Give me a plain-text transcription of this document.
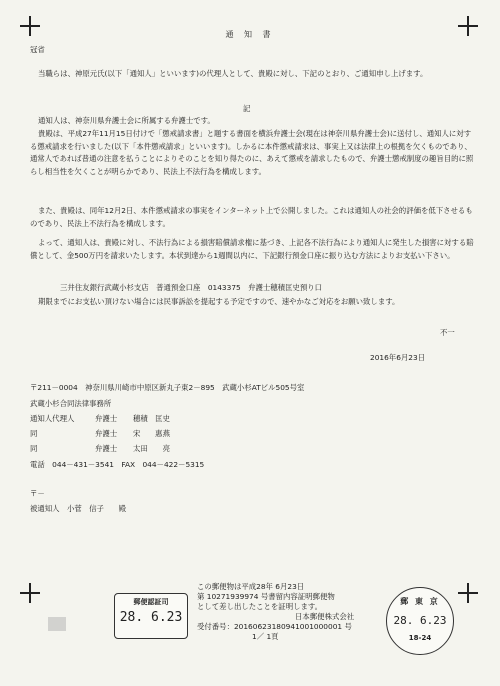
通 知 書
冠省
当職らは、神原元氏(以下「通知人」といいます)の代理人として、貴殿に対し、下記のとおり、ご通知申し上げます。
記
通知人は、神奈川県弁護士会に所属する弁護士です。
貴殿は、平成27年11月15日付けで「懲戒請求書」と題する書面を横浜弁護士会(現在は神奈川県弁護士会)に送付し、通知人に対する懲戒請求を行いました(以下「本件懲戒請求」といいます)。しかるに本件懲戒請求は、事実上又は法律上の根拠を欠くものであり、通常人であれば普通の注意を払うことによりそのことを知り得たのに、あえて懲戒を請求したもので、弁護士懲戒制度の趣旨目的に照らし相当性を欠くことが明らかであり、民法上不法行為を構成します。
また、貴殿は、同年12月2日、本件懲戒請求の事実をインターネット上で公開しました。これは通知人の社会的評価を低下させるものであり、民法上不法行為を構成します。
よって、通知人は、貴殿に対し、不法行為による損害賠償請求権に基づき、上記各不法行為により通知人に発生した損害に対する賠償として、金500万円を請求いたします。本状到達から1週間以内に、下記銀行預金口座に振り込む方法によりお支払い下さい。
三井住友銀行武蔵小杉支店　普通預金口座　0143375　弁護士穂積匡史預り口
期限までにお支払い頂けない場合には民事訴訟を提起する予定ですので、速やかなご対応をお願い致します。
不一
2016年6月23日
〒211－0004　神奈川県川崎市中原区新丸子東2－895　武蔵小杉ATビル505号室
武蔵小杉合同法律事務所
通知人代理人	弁護士 穂積　匡史
同	弁護士 宋　　惠燕
同	弁護士 太田　　亮
電話　044－431－3541　FAX　044－422－5315
〒－
被通知人　小菅　信子　　殿
この郵便物は平成28年 6月23日
第 10271939974 号書留内容証明郵便物
として差し出したことを証明します。
日本郵便株式会社
受付番号：20160623180941001000001 号
1／ 1頁
郵便認証司
28. 6.23
郵 東 京
28. 6.23
18-24
